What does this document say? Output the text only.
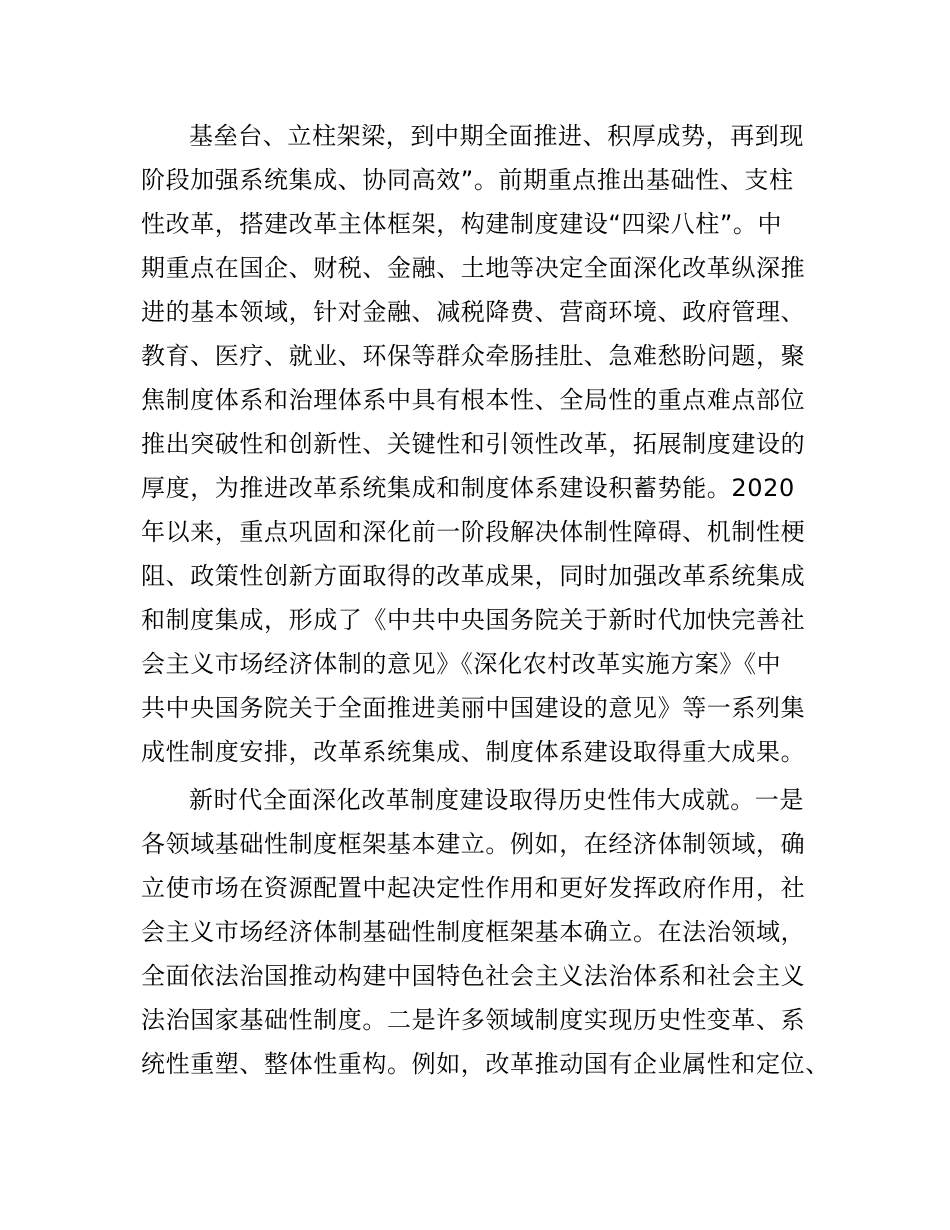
基垒台、立柱架梁，到中期全面推进、积厚成势，再到现
阶段加强系统集成、协同高效”。前期重点推出基础性、支柱
性改革，搭建改革主体框架，构建制度建设“四梁八柱”。中
期重点在国企、财税、金融、土地等决定全面深化改革纵深推
进的基本领域，针对金融、减税降费、营商环境、政府管理、
教育、医疗、就业、环保等群众牵肠挂肚、急难愁盼问题，聚
焦制度体系和治理体系中具有根本性、全局性的重点难点部位
推出突破性和创新性、关键性和引领性改革，拓展制度建设的
厚度，为推进改革系统集成和制度体系建设积蓄势能。2020
年以来，重点巩固和深化前一阶段解决体制性障碍、机制性梗
阻、政策性创新方面取得的改革成果，同时加强改革系统集成
和制度集成，形成了《中共中央国务院关于新时代加快完善社
会主义市场经济体制的意见》《深化农村改革实施方案》《中
共中央国务院关于全面推进美丽中国建设的意见》等一系列集
成性制度安排，改革系统集成、制度体系建设取得重大成果。
新时代全面深化改革制度建设取得历史性伟大成就。一是
各领域基础性制度框架基本建立。例如，在经济体制领域，确
立使市场在资源配置中起决定性作用和更好发挥政府作用，社
会主义市场经济体制基础性制度框架基本确立。在法治领域，
全面依法治国推动构建中国特色社会主义法治体系和社会主义
法治国家基础性制度。二是许多领域制度实现历史性变革、系
统性重塑、整体性重构。例如，改革推动国有企业属性和定位、
